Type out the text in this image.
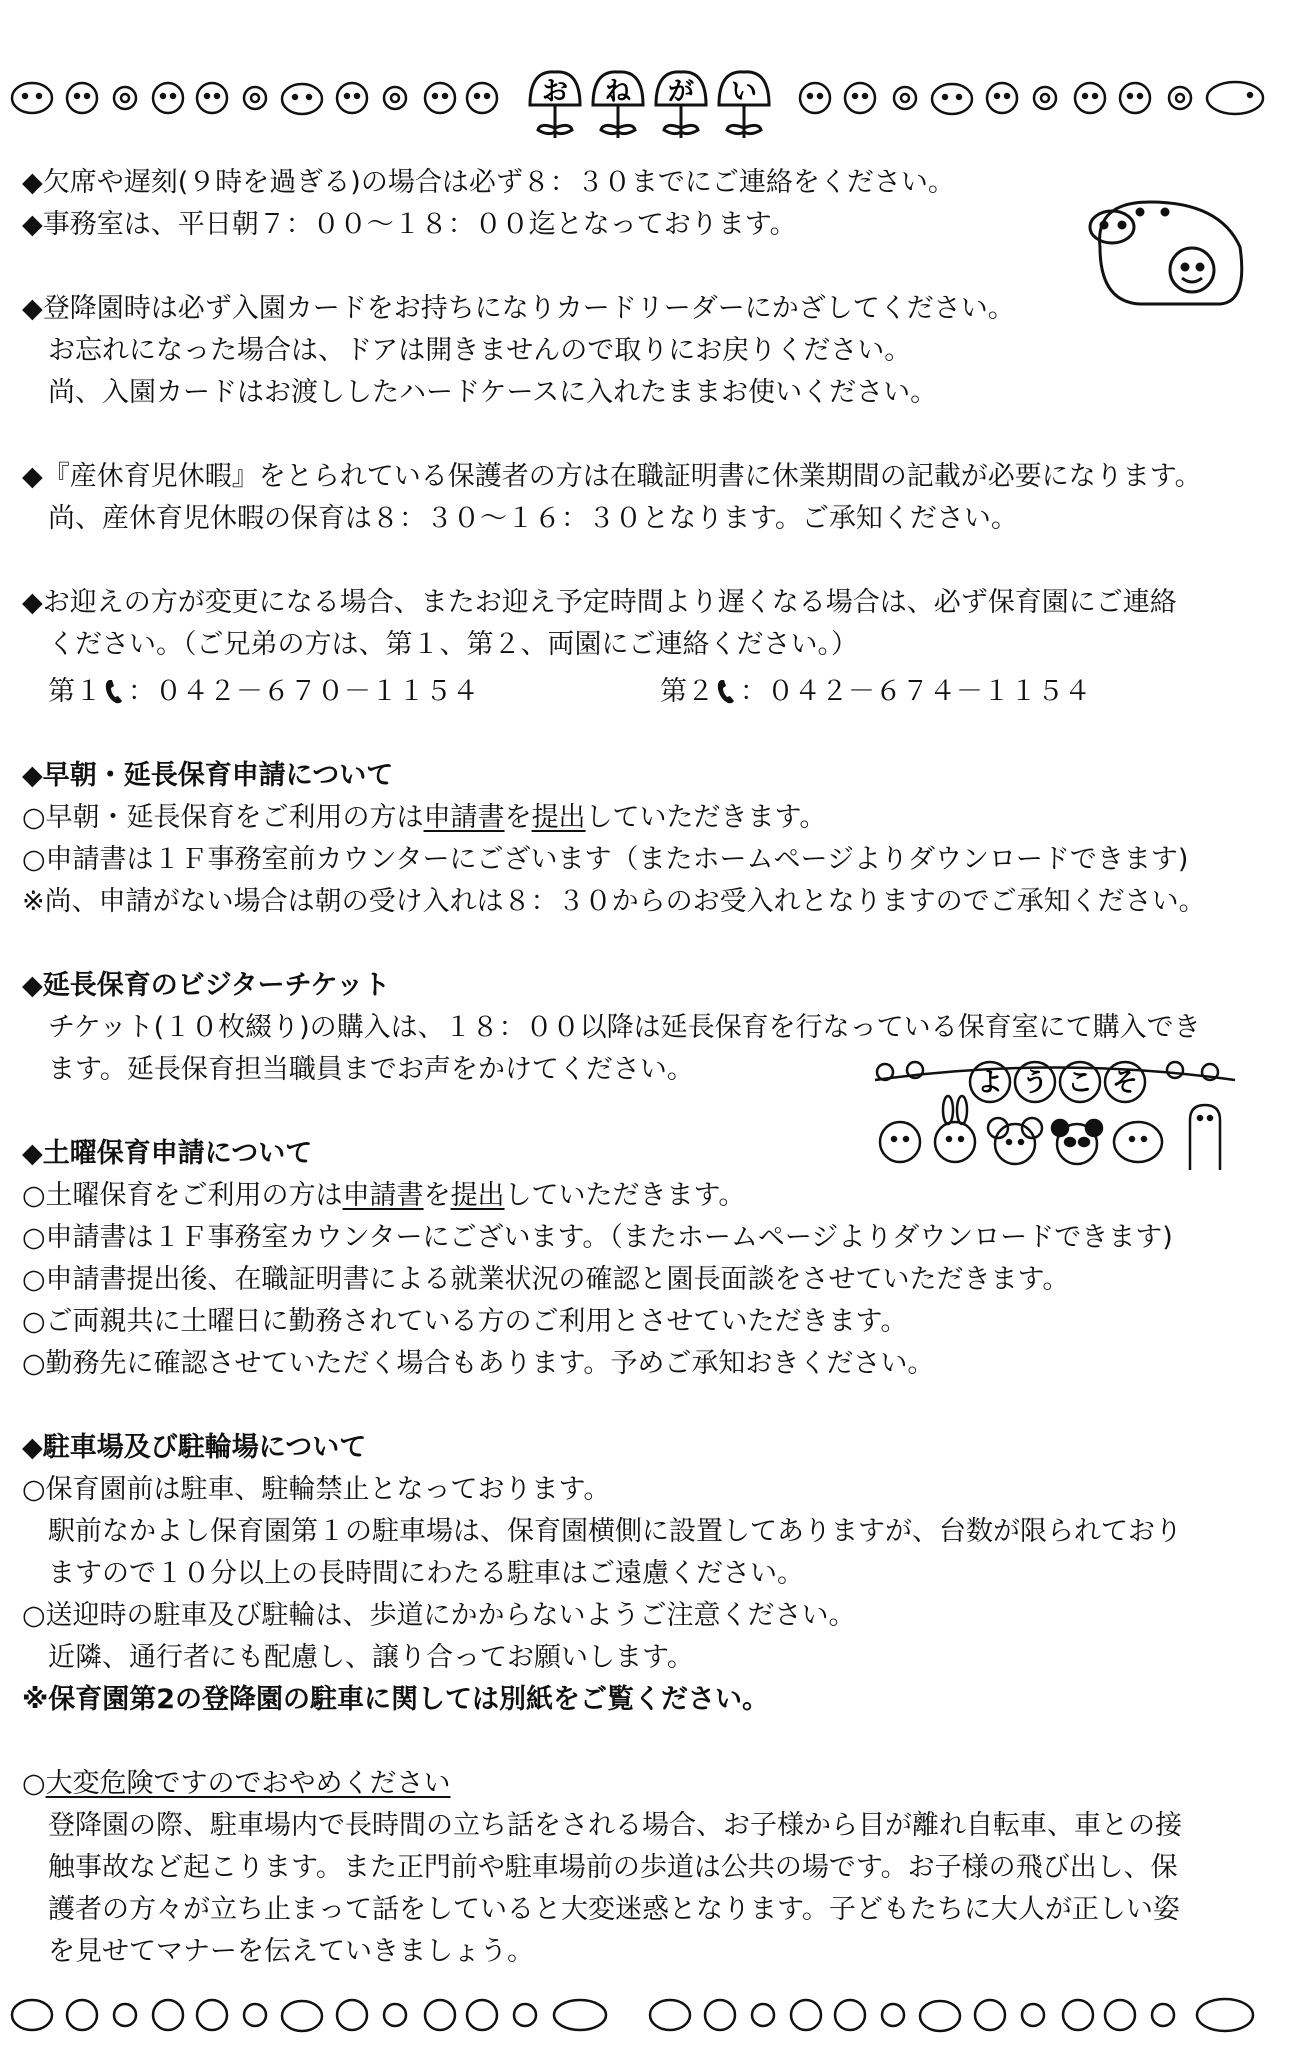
お ね が い
◆欠席や遅刻(９時を過ぎる)の場合は必ず８：３０までにご連絡をください。
◆事務室は、平日朝７：００～１８：００迄となっております。
◆登降園時は必ず入園カードをお持ちになりカードリーダーにかざしてください。
お忘れになった場合は、ドアは開きませんので取りにお戻りください。
尚、入園カードはお渡ししたハードケースに入れたままお使いください。
◆『産休育児休暇』をとられている保護者の方は在職証明書に休業期間の記載が必要になります。
尚、産休育児休暇の保育は８：３０～１６：３０となります。ご承知ください。
◆お迎えの方が変更になる場合、またお迎え予定時間より遅くなる場合は、必ず保育園にご連絡
ください。（ご兄弟の方は、第１、第２、両園にご連絡ください。）
第１ ：０４２－６７０－１１５４	第２ ：０４２－６７４－１１５４
◆早朝・延長保育申請について
○早朝・延長保育をご利用の方は申請書を提出していただきます。
○申請書は１Ｆ事務室前カウンターにございます（またホームページよりダウンロードできます)
※尚、申請がない場合は朝の受け入れは８：３０からのお受入れとなりますのでご承知ください。
◆延長保育のビジターチケット
チケット(１０枚綴り)の購入は、１８：００以降は延長保育を行なっている保育室にて購入でき
ます。延長保育担当職員までお声をかけてください。	よ う こ そ
◆土曜保育申請について
○土曜保育をご利用の方は申請書を提出していただきます。
○申請書は１Ｆ事務室カウンターにございます。（またホームページよりダウンロードできます)
○申請書提出後、在職証明書による就業状況の確認と園長面談をさせていただきます。
○ご両親共に土曜日に勤務されている方のご利用とさせていただきます。
○勤務先に確認させていただく場合もあります。予めご承知おきください。
◆駐車場及び駐輪場について
○保育園前は駐車、駐輪禁止となっております。
駅前なかよし保育園第１の駐車場は、保育園横側に設置してありますが、台数が限られており
ますので１０分以上の長時間にわたる駐車はご遠慮ください。
○送迎時の駐車及び駐輪は、歩道にかからないようご注意ください。
近隣、通行者にも配慮し、譲り合ってお願いします。
※保育園第2の登降園の駐車に関しては別紙をご覧ください。
○大変危険ですのでおやめください
登降園の際、駐車場内で長時間の立ち話をされる場合、お子様から目が離れ自転車、車との接
触事故など起こります。また正門前や駐車場前の歩道は公共の場です。お子様の飛び出し、保
護者の方々が立ち止まって話をしていると大変迷惑となります。子どもたちに大人が正しい姿
を見せてマナーを伝えていきましょう。
